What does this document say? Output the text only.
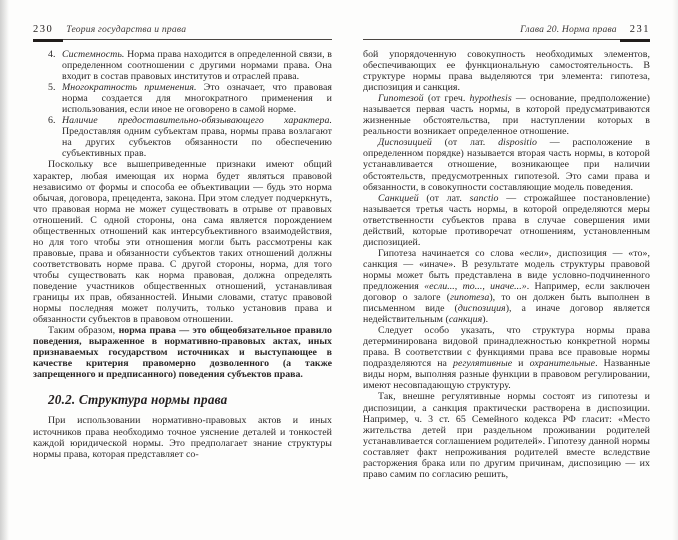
230 Теория государства и права
4. Системность. Норма права находится в определенной связи, в определенном соотношении с другими нормами права. Она входит в состав правовых институтов и отраслей права.
5. Многократность применения. Это означает, что правовая норма создается для многократного применения и использования, если иное не оговорено в самой норме.
6. Наличие предоставительно-обязывающего характера. Предоставляя одним субъектам права, нормы права возлагают на других субъектов обязанности по обеспечению субъективных прав.

Поскольку все вышеприведенные признаки имеют общий характер, любая имеющая их норма будет являться правовой независимо от формы и способа ее объективации — будь это норма обычая, договора, прецедента, закона. При этом следует подчеркнуть, что правовая норма не может существовать в отрыве от правовых отношений. С одной стороны, она сама является порождением общественных отношений как интерсубъективного взаимодействия, но для того чтобы эти отношения могли быть рассмотрены как правовые, права и обязанности субъектов таких отношений должны соответствовать норме права. С другой стороны, норма, для того чтобы существовать как норма правовая, должна определять поведение участников общественных отношений, устанавливая границы их прав, обязанностей. Иными словами, статус правовой нормы последняя может получить, только установив права и обязанности субъектов в правовом отношении.

Таким образом, норма права — это общеобязательное правило поведения, выраженное в нормативно-правовых актах, иных признаваемых государством источниках и выступающее в качестве критерия правомерно дозволенного (а также запрещенного и предписанного) поведения субъектов права.

20.2. Структура нормы права

При использовании нормативно-правовых актов и иных источников права необходимо точное уяснение деталей и тонкостей каждой юридической нормы. Это предполагает знание структуры нормы права, которая представляет со-

Глава 20. Норма права 231

бой упорядоченную совокупность необходимых элементов, обеспечивающих ее функциональную самостоятельность. В структуре нормы права выделяются три элемента: гипотеза, диспозиция и санкция.

Гипотезой (от греч. hypothesis — основание, предположение) называется первая часть нормы, в которой предусматриваются жизненные обстоятельства, при наступлении которых в реальности возникает определенное отношение.

Диспозицией (от лат. dispositio — расположение в определенном порядке) называется вторая часть нормы, в которой устанавливается отношение, возникающее при наличии обстоятельств, предусмотренных гипотезой. Это сами права и обязанности, в совокупности составляющие модель поведения.

Санкцией (от лат. sanctio — строжайшее постановление) называется третья часть нормы, в которой определяются меры ответственности субъектов права в случае совершения ими действий, которые противоречат отношениям, установленным диспозицией.

Гипотеза начинается со слова «если», диспозиция — «то», санкция — «иначе». В результате модель структуры правовой нормы может быть представлена в виде условно-подчиненного предложения «если..., то..., иначе...». Например, если заключен договор о залоге (гипотеза), то он должен быть выполнен в письменном виде (диспозиция), а иначе договор является недействительным (санкция).

Следует особо указать, что структура нормы права детерминирована видовой принадлежностью конкретной нормы права. В соответствии с функциями права все правовые нормы подразделяются на регулятивные и охранительные. Названные виды норм, выполняя разные функции в правовом регулировании, имеют несовпадающую структуру.

Так, внешне регулятивные нормы состоят из гипотезы и диспозиции, а санкция практически растворена в диспозиции. Например, ч. 3 ст. 65 Семейного кодекса РФ гласит: «Место жительства детей при раздельном проживании родителей устанавливается соглашением родителей». Гипотезу данной нормы составляет факт непроживания родителей вместе вследствие расторжения брака или по другим причинам, диспозицию — их право самим по согласию решить,
